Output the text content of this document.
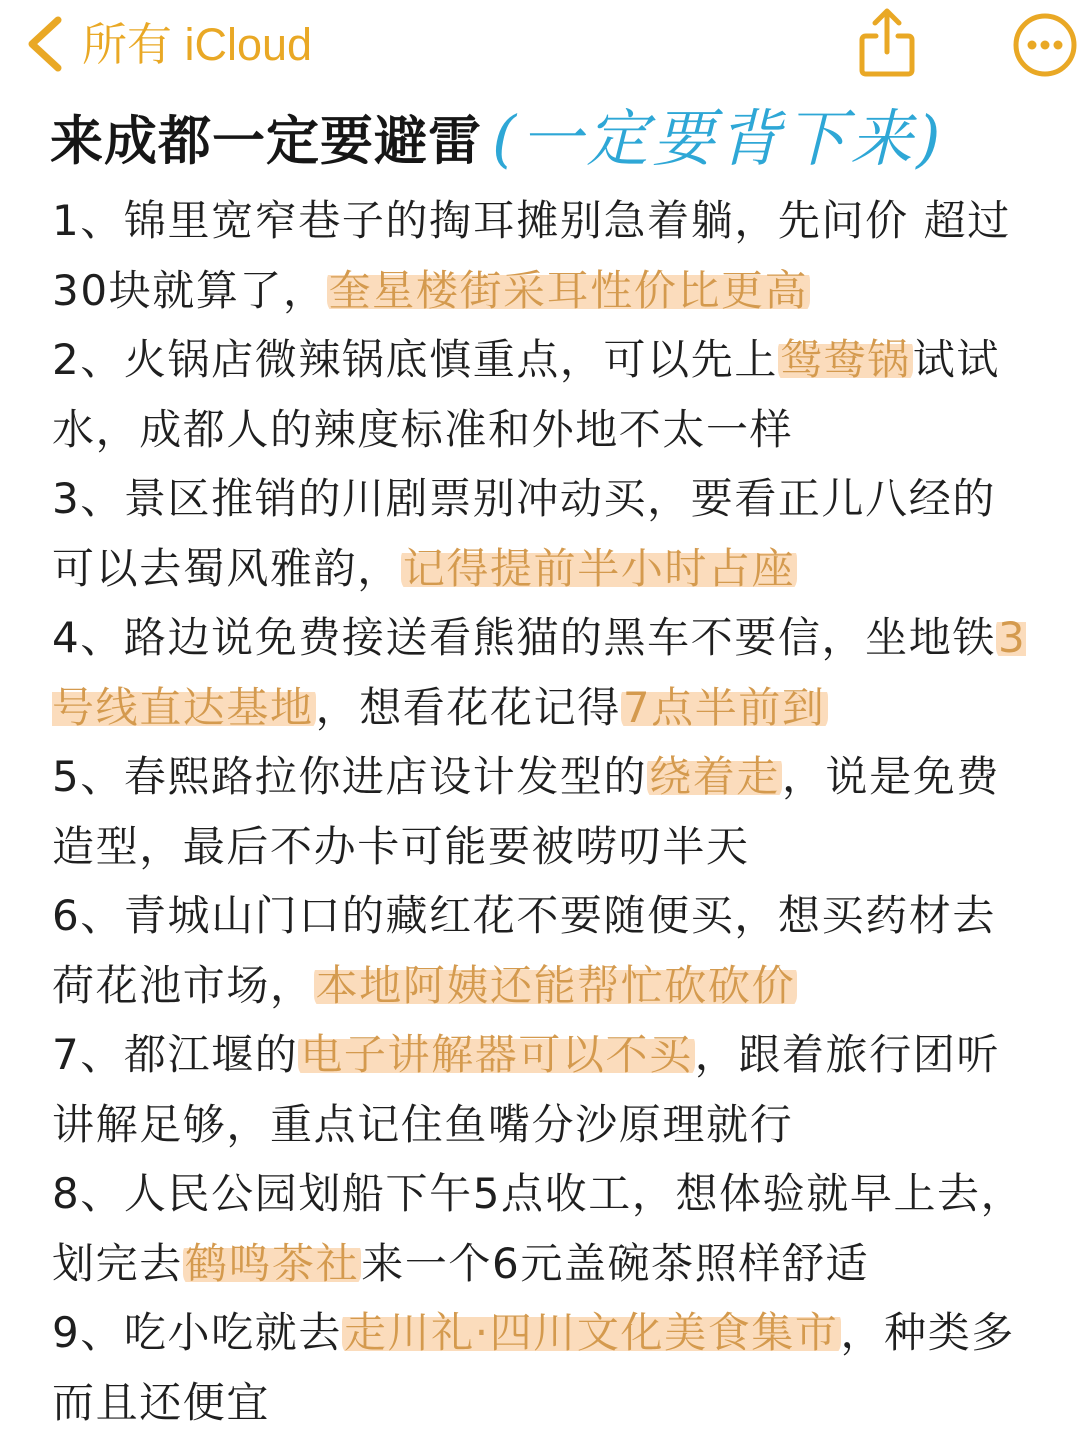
所有 iCloud
来成都一定要避雷 (一定要背下来)
1、锦里宽窄巷子的掏耳摊别急着躺，先问价 超过30块就算了，奎星楼街采耳性价比更高
2、火锅店微辣锅底慎重点，可以先上鸳鸯锅试试水，成都人的辣度标准和外地不太一样
3、景区推销的川剧票别冲动买，要看正儿八经的可以去蜀风雅韵，记得提前半小时占座
4、路边说免费接送看熊猫的黑车不要信，坐地铁3号线直达基地，想看花花记得7点半前到
5、春熙路拉你进店设计发型的绕着走，说是免费造型，最后不办卡可能要被唠叨半天
6、青城山门口的藏红花不要随便买，想买药材去荷花池市场，本地阿姨还能帮忙砍砍价
7、都江堰的电子讲解器可以不买，跟着旅行团听讲解足够，重点记住鱼嘴分沙原理就行
8、人民公园划船下午5点收工，想体验就早上去，划完去鹤鸣茶社来一个6元盖碗茶照样舒适
9、吃小吃就去走川礼·四川文化美食集市，种类多而且还便宜
